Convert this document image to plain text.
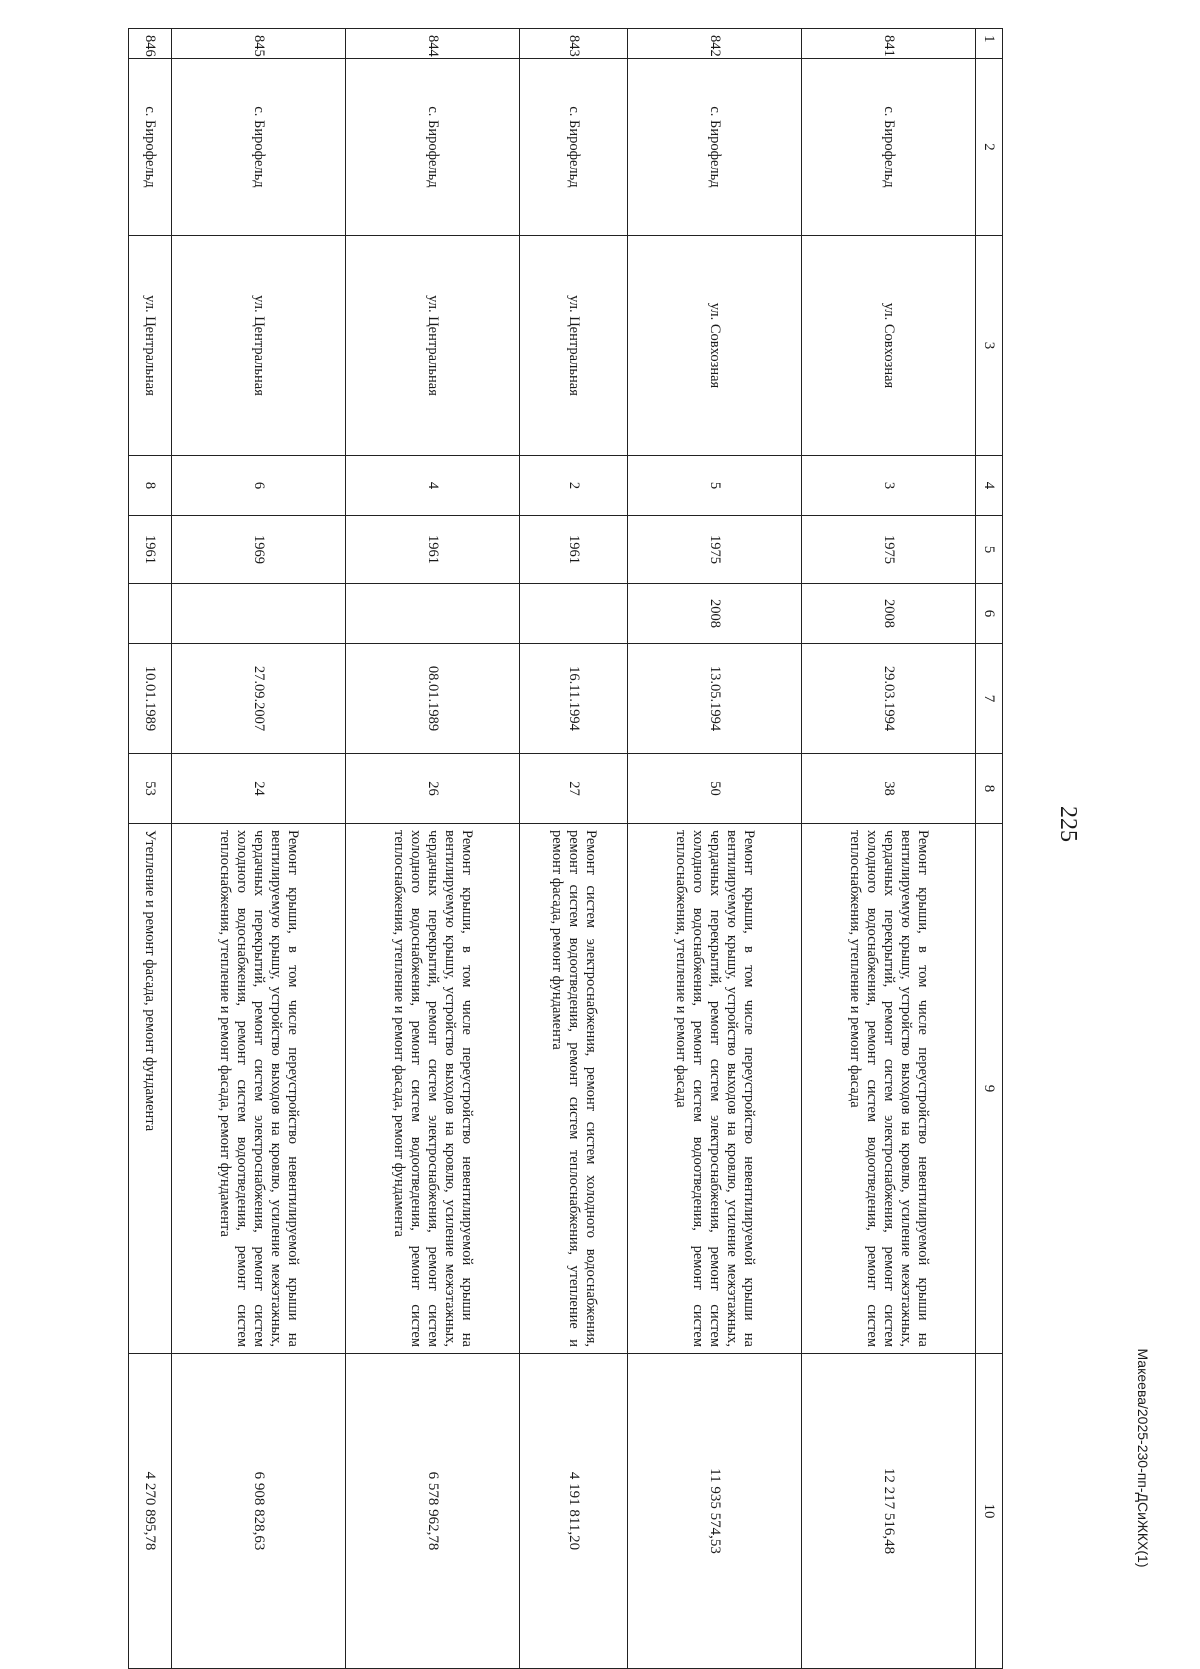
225
1	2	3	4	5	6	7	8	9	10
841	с. Бирофельд	ул. Совхозная	3	1975	2008	29.03.1994	38	Ремонт крыши, в том числе переустройство невентилируемой крыши на вентилируемую крышу, устройство выходов на кровлю, усиление межэтажных, чердачных перекрытий, ремонт систем электроснабжения, ремонт систем холодного водоснабжения, ремонт систем водоотведения, ремонт систем теплоснабжения, утепление и ремонт фасада	12 217 516,48
842	с. Бирофельд	ул. Совхозная	5	1975	2008	13.05.1994	50	Ремонт крыши, в том числе переустройство невентилируемой крыши на вентилируемую крышу, устройство выходов на кровлю, усиление межэтажных, чердачных перекрытий, ремонт систем электроснабжения, ремонт систем холодного водоснабжения, ремонт систем водоотведения, ремонт систем теплоснабжения, утепление и ремонт фасада	11 935 574,53
843	с. Бирофельд	ул. Центральная	2	1961		16.11.1994	27	Ремонт систем электроснабжения, ремонт систем холодного водоснабжения, ремонт систем водоотведения, ремонт систем теплоснабжения, утепление и ремонт фасада, ремонт фундамента	4 191 811,20
844	с. Бирофельд	ул. Центральная	4	1961		08.01.1989	26	Ремонт крыши, в том числе переустройство невентилируемой крыши на вентилируемую крышу, устройство выходов на кровлю, усиление межэтажных, чердачных перекрытий, ремонт систем электроснабжения, ремонт систем холодного водоснабжения, ремонт систем водоотведения, ремонт систем теплоснабжения, утепление и ремонт фасада, ремонт фундамента	6 578 962,78
845	с. Бирофельд	ул. Центральная	6	1969		27.09.2007	24	Ремонт крыши, в том числе переустройство невентилируемой крыши на вентилируемую крышу, устройство выходов на кровлю, усиление межэтажных, чердачных перекрытий, ремонт систем электроснабжения, ремонт систем холодного водоснабжения, ремонт систем водоотведения, ремонт систем теплоснабжения, утепление и ремонт фасада, ремонт фундамента	6 908 828,63
846	с. Бирофельд	ул. Центральная	8	1961		10.01.1989	53	Утепление и ремонт фасада, ремонт фундамента	4 270 895,78	Макеева/2025-230-пп-ДСиЖКХ(1)
